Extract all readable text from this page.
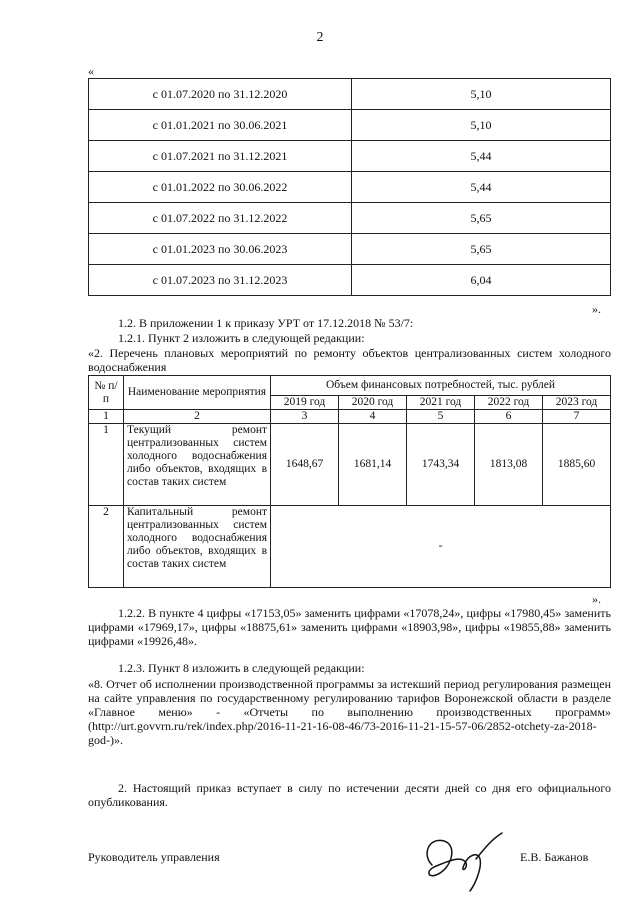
2
«
с 01.07.2020 по 31.12.2020	5,10
с 01.01.2021 по 30.06.2021	5,10
с 01.07.2021 по 31.12.2021	5,44
с 01.01.2022 по 30.06.2022	5,44
с 01.07.2022 по 31.12.2022	5,65
с 01.01.2023 по 30.06.2023	5,65
с 01.07.2023 по 31.12.2023	6,04
».
1.2. В приложении 1 к приказу УРТ от 17.12.2018 № 53/7:
1.2.1. Пункт 2 изложить в следующей редакции:
«2. Перечень плановых мероприятий по ремонту объектов централизованных систем холодного водоснабжения
№ п/п	Наименование мероприятия	Объем финансовых потребностей, тыс. рублей				
		2019 год	2020 год	2021 год	2022 год	2023 год
1	2	3	4	5	6	7
1	Текущий ремонт централизованных систем холодного водоснабжения либо объектов, входящих в состав таких систем	1648,67	1681,14	1743,34	1813,08	1885,60
2	Капитальный ремонт централизованных систем холодного водоснабжения либо объектов, входящих в состав таких систем	-				
».
1.2.2. В пункте 4 цифры «17153,05» заменить цифрами «17078,24», цифры «17980,45» заменить цифрами «17969,17», цифры «18875,61» заменить цифрами «18903,98», цифры «19855,88» заменить цифрами «19926,48».
1.2.3. Пункт 8 изложить в следующей редакции:
«8. Отчет об исполнении производственной программы за истекший период регулирования размещен на сайте управления по государственному регулированию тарифов Воронежской области в разделе «Главное меню» - «Отчеты по выполнению производственных программ» (http://urt.govvrn.ru/rek/index.php/2016-11-21-16-08-46/73-2016-11-21-15-57-06/2852-otchety-za-2018-god-)».
2. Настоящий приказ вступает в силу по истечении десяти дней со дня его официального опубликования.
Руководитель управления	Е.В. Бажанов
